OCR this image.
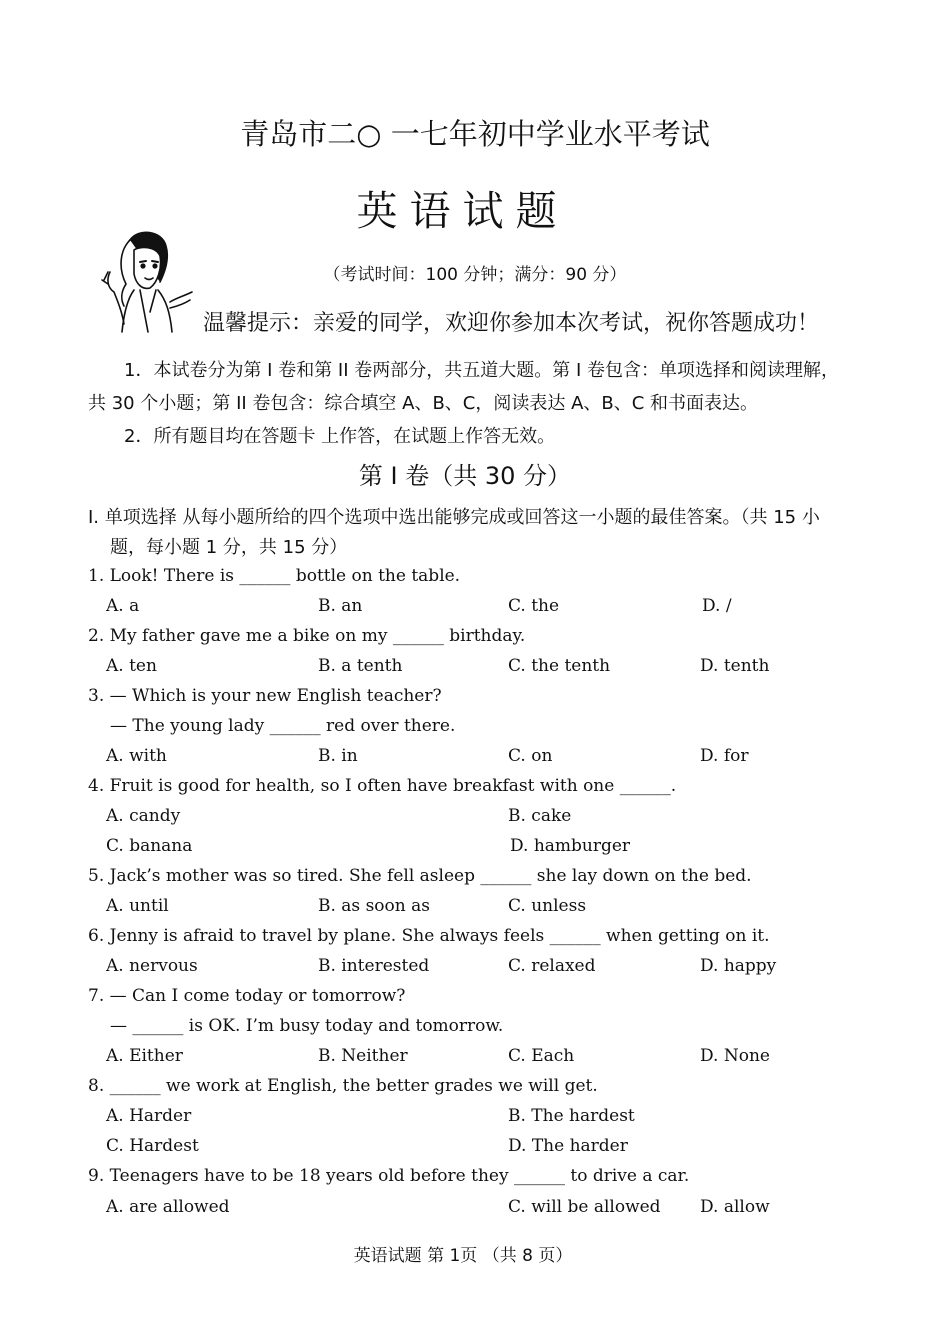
青岛市二○ 一七年初中学业水平考试
英语试题
（考试时间：100 分钟；满分：90 分）
温馨提示：亲爱的同学，欢迎你参加本次考试，祝你答题成功！
1．本试卷分为第 I 卷和第 II 卷两部分，共五道大题。第 I 卷包含：单项选择和阅读理解，
共 30 个小题；第 II 卷包含：综合填空 A、B、C，阅读表达 A、B、C 和书面表达。
2．所有题目均在答题卡 上作答，在试题上作答无效。
第 I 卷（共 30 分）
I. 单项选择 从每小题所给的四个选项中选出能够完成或回答这一小题的最佳答案。（共 15 小
题，每小题 1 分，共 15 分）
1. Look! There is ______ bottle on the table.
A. a	B. an	C. the	D. /
2. My father gave me a bike on my ______ birthday.
A. ten	B. a tenth	C. the tenth	D. tenth
3. — Which is your new English teacher?
— The young lady ______ red over there.
A. with	B. in	C. on	D. for
4. Fruit is good for health, so I often have breakfast with one ______.
A. candy	B. cake
C. banana	D. hamburger
5. Jack’s mother was so tired. She fell asleep ______ she lay down on the bed.
A. until	B. as soon as	C. unless
6. Jenny is afraid to travel by plane. She always feels ______ when getting on it.
A. nervous	B. interested	C. relaxed	D. happy
7. — Can I come today or tomorrow?
— ______ is OK. I’m busy today and tomorrow.
A. Either	B. Neither	C. Each	D. None
8. ______ we work at English, the better grades we will get.
A. Harder	B. The hardest
C. Hardest	D. The harder
9. Teenagers have to be 18 years old before they ______ to drive a car.
A. are allowed	C. will be allowed D. allow
英语试题 第 1页 （共 8 页）
